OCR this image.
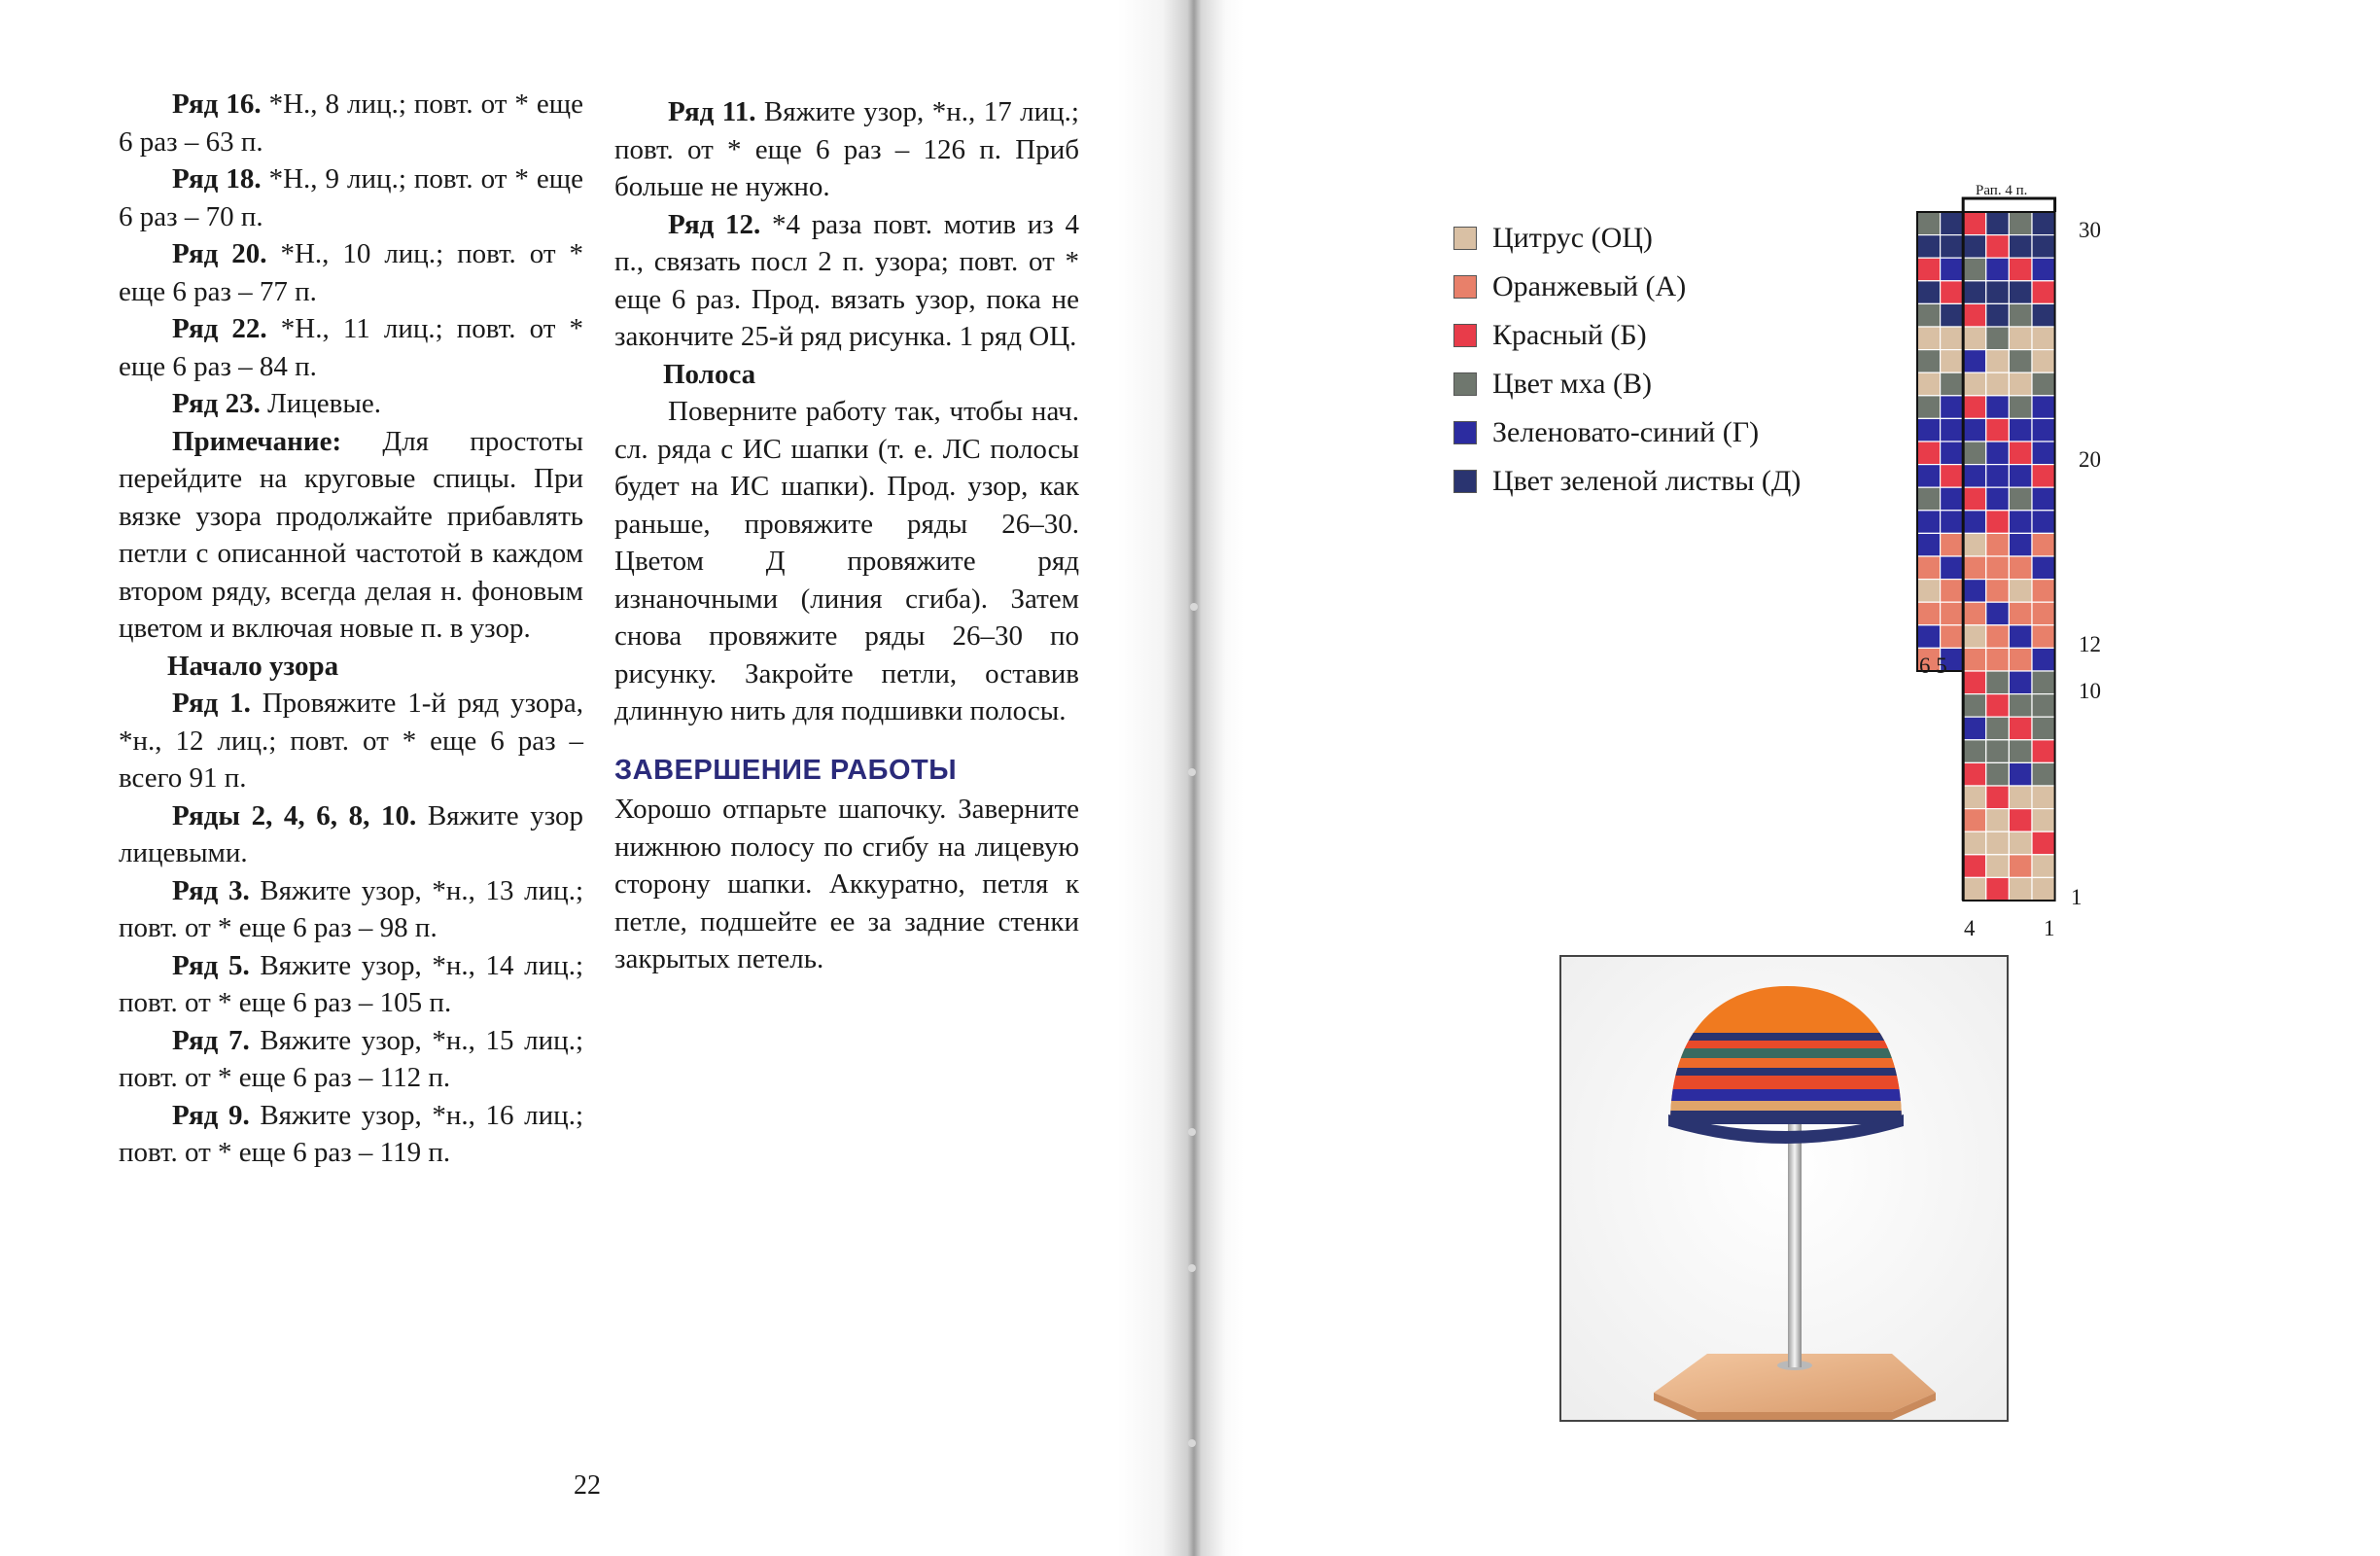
Ряд 16. *Н., 8 лиц.; повт. от * еще 6 раз – 63 п.

Ряд 18. *Н., 9 лиц.; повт. от * еще 6 раз – 70 п.

Ряд 20. *Н., 10 лиц.; повт. от * еще 6 раз – 77 п.

Ряд 22. *Н., 11 лиц.; повт. от * еще 6 раз – 84 п.

Ряд 23. Лицевые.

Примечание: Для простоты перейдите на круговые спицы. При вязке узора продолжайте прибавлять петли с описанной частотой в каждом втором ряду, всегда делая н. фоновым цветом и включая новые п. в узор.

Начало узора

Ряд 1. Провяжите 1-й ряд узора, *н., 12 лиц.; повт. от * еще 6 раз – всего 91 п.

Ряды 2, 4, 6, 8, 10. Вяжите узор лицевыми.

Ряд 3. Вяжите узор, *н., 13 лиц.; повт. от * еще 6 раз – 98 п.

Ряд 5. Вяжите узор, *н., 14 лиц.; повт. от * еще 6 раз – 105 п.

Ряд 7. Вяжите узор, *н., 15 лиц.; повт. от * еще 6 раз – 112 п.

Ряд 9. Вяжите узор, *н., 16 лиц.; повт. от * еще 6 раз – 119 п.

Ряд 11. Вяжите узор, *н., 17 лиц.; повт. от * еще 6 раз – 126 п. Приб больше не нужно.

Ряд 12. *4 раза повт. мотив из 4 п., связать посл 2 п. узора; повт. от * еще 6 раз. Прод. вязать узор, пока не закончите 25-й ряд рисунка. 1 ряд ОЦ.

Полоса

Поверните работу так, чтобы нач. сл. ряда с ИС шапки (т. е. ЛС полосы будет на ИС шапки). Прод. узор, как раньше, провяжите ряды 26–30. Цветом Д провяжите ряд изнаночными (линия сгиба). Затем снова провяжите ряды 26–30 по рисунку. Закройте петли, оставив длинную нить для подшивки полосы.

ЗАВЕРШЕНИЕ РАБОТЫ

Хорошо отпарьте шапочку. Заверните нижнюю полосу по сгибу на лицевую сторону шапки. Аккуратно, петля к петле, подшейте ее за задние стенки закрытых петель.

22
Цитрус (ОЦ)
Оранжевый (А)
Красный (Б)
Цвет мха (В)
Зеленовато-синий (Г)
Цвет зеленой листвы (Д)
Рап. 4 п.
30
20
12
10
1
6 5
4	1
